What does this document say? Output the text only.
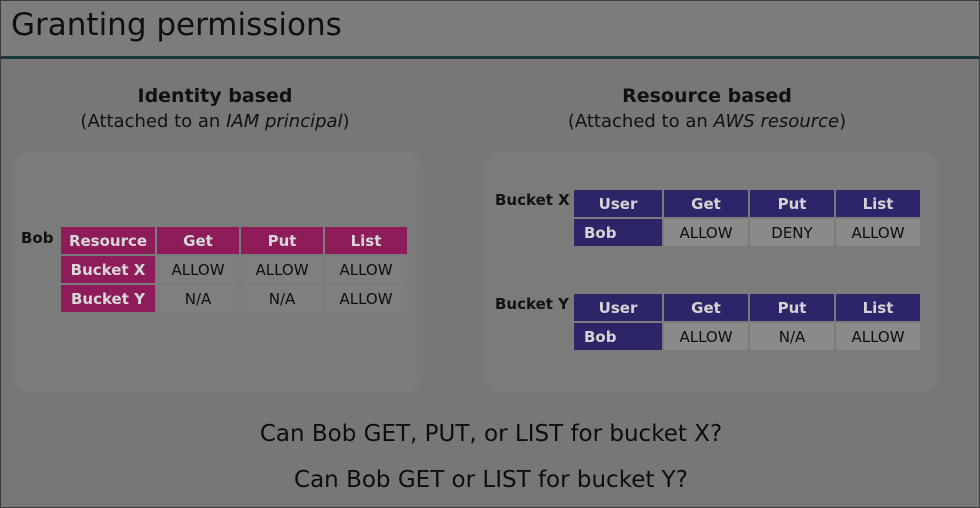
Granting permissions
Identity based
(Attached to an IAM principal)
Resource based
(Attached to an AWS resource)
Bob Resource	Get	Put	List
Bucket X	ALLOW	ALLOW	ALLOW
Bucket Y	N/A	N/A	ALLOW
Bucket X User	Get	Put	List
Bob	ALLOW	DENY	ALLOW
Bucket Y User	Get	Put	List
Bob	ALLOW	N/A	ALLOW
Can Bob GET, PUT, or LIST for bucket X?
Can Bob GET or LIST for bucket Y?
